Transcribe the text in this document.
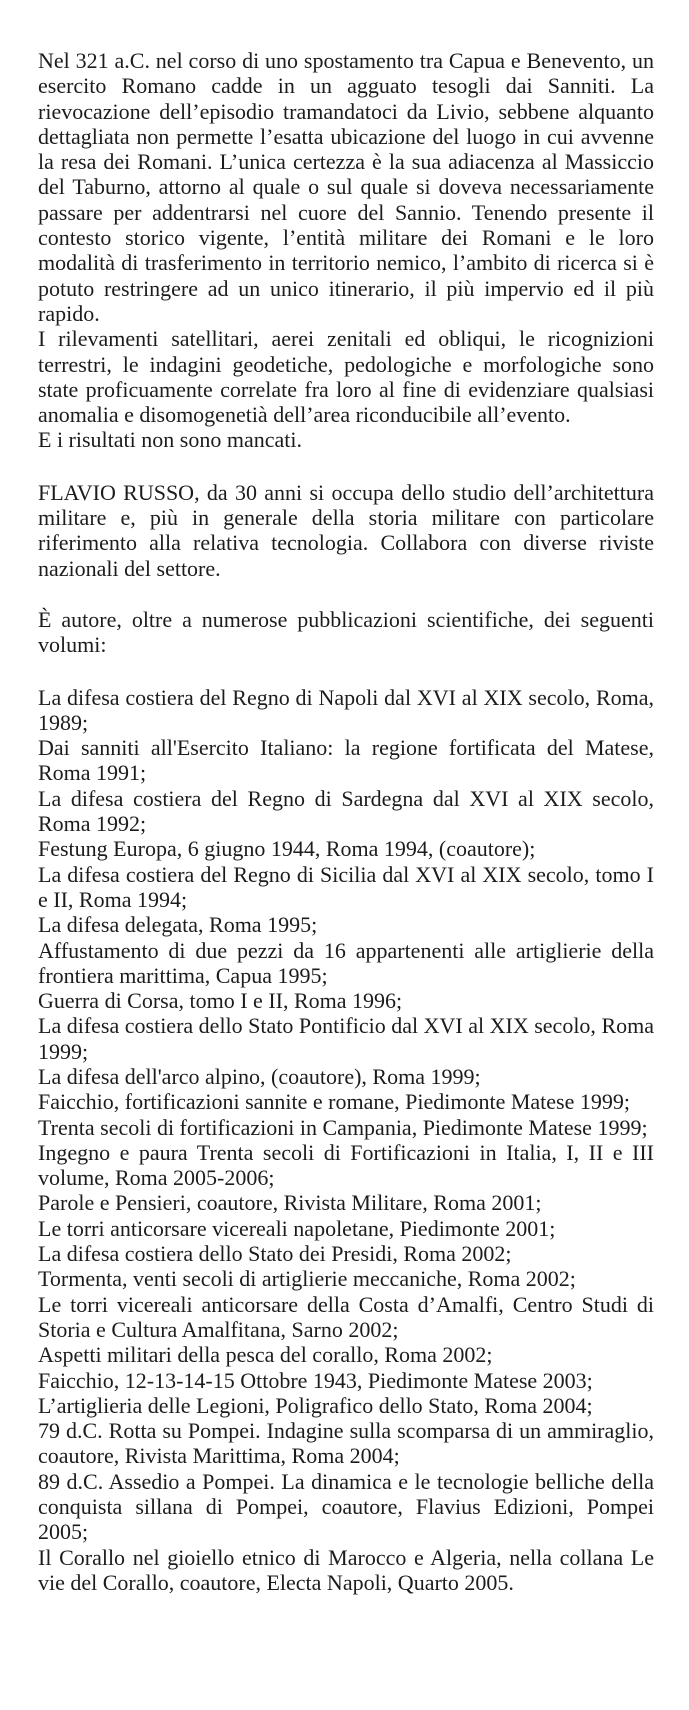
Nel 321 a.C. nel corso di uno spostamento tra Capua e Benevento, un esercito Romano cadde in un agguato tesogli dai Sanniti. La rievocazione dell’episodio tramandatoci da Livio, sebbene alquanto dettagliata non permette l’esatta ubicazione del luogo in cui avvenne la resa dei Romani. L’unica certezza è la sua adiacenza al Massiccio del Taburno, attorno al quale o sul quale si doveva necessariamente passare per addentrarsi nel cuore del Sannio. Tenendo presente il contesto storico vigente, l’entità militare dei Romani e le loro modalità di trasferimento in territorio nemico, l’ambito di ricerca si è potuto restringere ad un unico itinerario, il più impervio ed il più rapido.

I rilevamenti satellitari, aerei zenitali ed obliqui, le ricognizioni terrestri, le indagini geodetiche, pedologiche e morfologiche sono state proficuamente correlate fra loro al fine di evidenziare qualsiasi anomalia e disomogenetià dell’area riconducibile all’evento.

E i risultati non sono mancati.

FLAVIO RUSSO, da 30 anni si occupa dello studio dell’architettura militare e, più in generale della storia militare con particolare riferimento alla relativa tecnologia. Collabora con diverse riviste nazionali del settore.

È autore, oltre a numerose pubblicazioni scientifiche, dei seguenti volumi:

La difesa costiera del Regno di Napoli dal XVI al XIX secolo, Roma, 1989;

Dai sanniti all'Esercito Italiano: la regione fortificata del Matese, Roma 1991;

La difesa costiera del Regno di Sardegna dal XVI al XIX secolo, Roma 1992;

Festung Europa, 6 giugno 1944, Roma 1994, (coautore);

La difesa costiera del Regno di Sicilia dal XVI al XIX secolo, tomo I e II, Roma 1994;

La difesa delegata, Roma 1995;

Affustamento di due pezzi da 16 appartenenti alle artiglierie della frontiera marittima, Capua 1995;

Guerra di Corsa, tomo I e II, Roma 1996;

La difesa costiera dello Stato Pontificio dal XVI al XIX secolo, Roma 1999;

La difesa dell'arco alpino, (coautore), Roma 1999;

Faicchio, fortificazioni sannite e romane, Piedimonte Matese 1999;

Trenta secoli di fortificazioni in Campania, Piedimonte Matese 1999;

Ingegno e paura Trenta secoli di Fortificazioni in Italia, I, II e III volume, Roma 2005-2006;

Parole e Pensieri, coautore, Rivista Militare, Roma 2001;

Le torri anticorsare vicereali napoletane, Piedimonte 2001;

La difesa costiera dello Stato dei Presidi, Roma 2002;

Tormenta, venti secoli di artiglierie meccaniche, Roma 2002;

Le torri vicereali anticorsare della Costa d’Amalfi, Centro Studi di Storia e Cultura Amalfitana, Sarno 2002;

Aspetti militari della pesca del corallo, Roma 2002;

Faicchio, 12-13-14-15 Ottobre 1943, Piedimonte Matese 2003;

L’artiglieria delle Legioni, Poligrafico dello Stato, Roma 2004;

79 d.C. Rotta su Pompei. Indagine sulla scomparsa di un ammiraglio, coautore, Rivista Marittima, Roma 2004;

89 d.C. Assedio a Pompei. La dinamica e le tecnologie belliche della conquista sillana di Pompei, coautore, Flavius Edizioni, Pompei 2005;

Il Corallo nel gioiello etnico di Marocco e Algeria, nella collana Le vie del Corallo, coautore, Electa Napoli, Quarto 2005.
